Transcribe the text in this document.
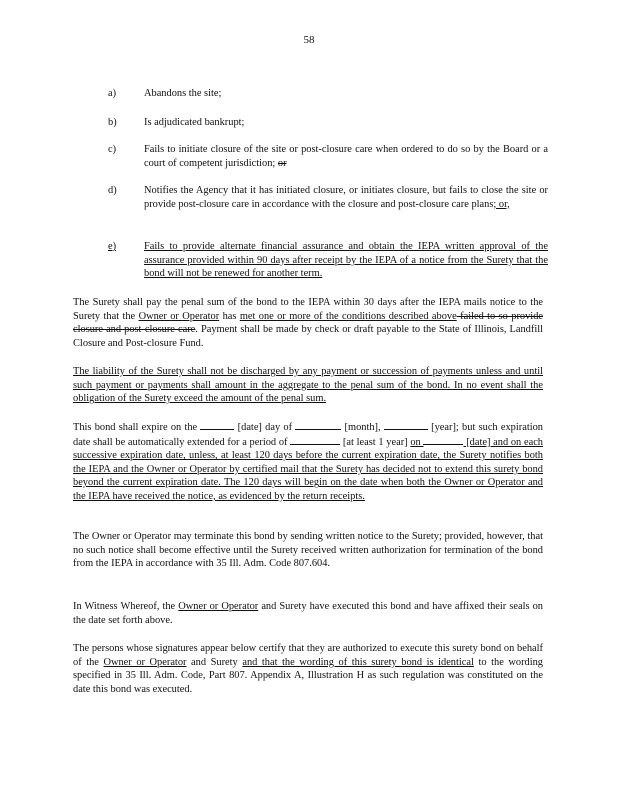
58
a)	Abandons the site;
b)	Is adjudicated bankrupt;
c)	Fails to initiate closure of the site or post-closure care when ordered to do so by the Board or a court of competent jurisdiction; or
d)	Notifies the Agency that it has initiated closure, or initiates closure, but fails to close the site or provide post-closure care in accordance with the closure and post-closure care plans; or,
e)	Fails to provide alternate financial assurance and obtain the IEPA written approval of the assurance provided within 90 days after receipt by the IEPA of a notice from the Surety that the bond will not be renewed for another term.
The Surety shall pay the penal sum of the bond to the IEPA within 30 days after the IEPA mails notice to the Surety that the Owner or Operator has met one or more of the conditions described above failed to so provide closure and post-closure care. Payment shall be made by check or draft payable to the State of Illinois, Landfill Closure and Post-closure Fund.
The liability of the Surety shall not be discharged by any payment or succession of payments unless and until such payment or payments shall amount in the aggregate to the penal sum of the bond. In no event shall the obligation of the Surety exceed the amount of the penal sum.
This bond shall expire on the	[date] day of	[month],	[year]; but such expiration date shall be automatically extended for a period of	[at least 1 year] on	[date] and on each successive expiration date, unless, at least 120 days before the current expiration date, the Surety notifies both the IEPA and the Owner or Operator by certified mail that the Surety has decided not to extend this surety bond beyond the current expiration date. The 120 days will begin on the date when both the Owner or Operator and the IEPA have received the notice, as evidenced by the return receipts.
The Owner or Operator may terminate this bond by sending written notice to the Surety; provided, however, that no such notice shall become effective until the Surety received written authorization for termination of the bond from the IEPA in accordance with 35 Ill. Adm. Code 807.604.
In Witness Whereof, the Owner or Operator and Surety have executed this bond and have affixed their seals on the date set forth above.
The persons whose signatures appear below certify that they are authorized to execute this surety bond on behalf of the Owner or Operator and Surety and that the wording of this surety bond is identical to the wording specified in 35 Ill. Adm. Code, Part 807. Appendix A, Illustration H as such regulation was constituted on the date this bond was executed.
